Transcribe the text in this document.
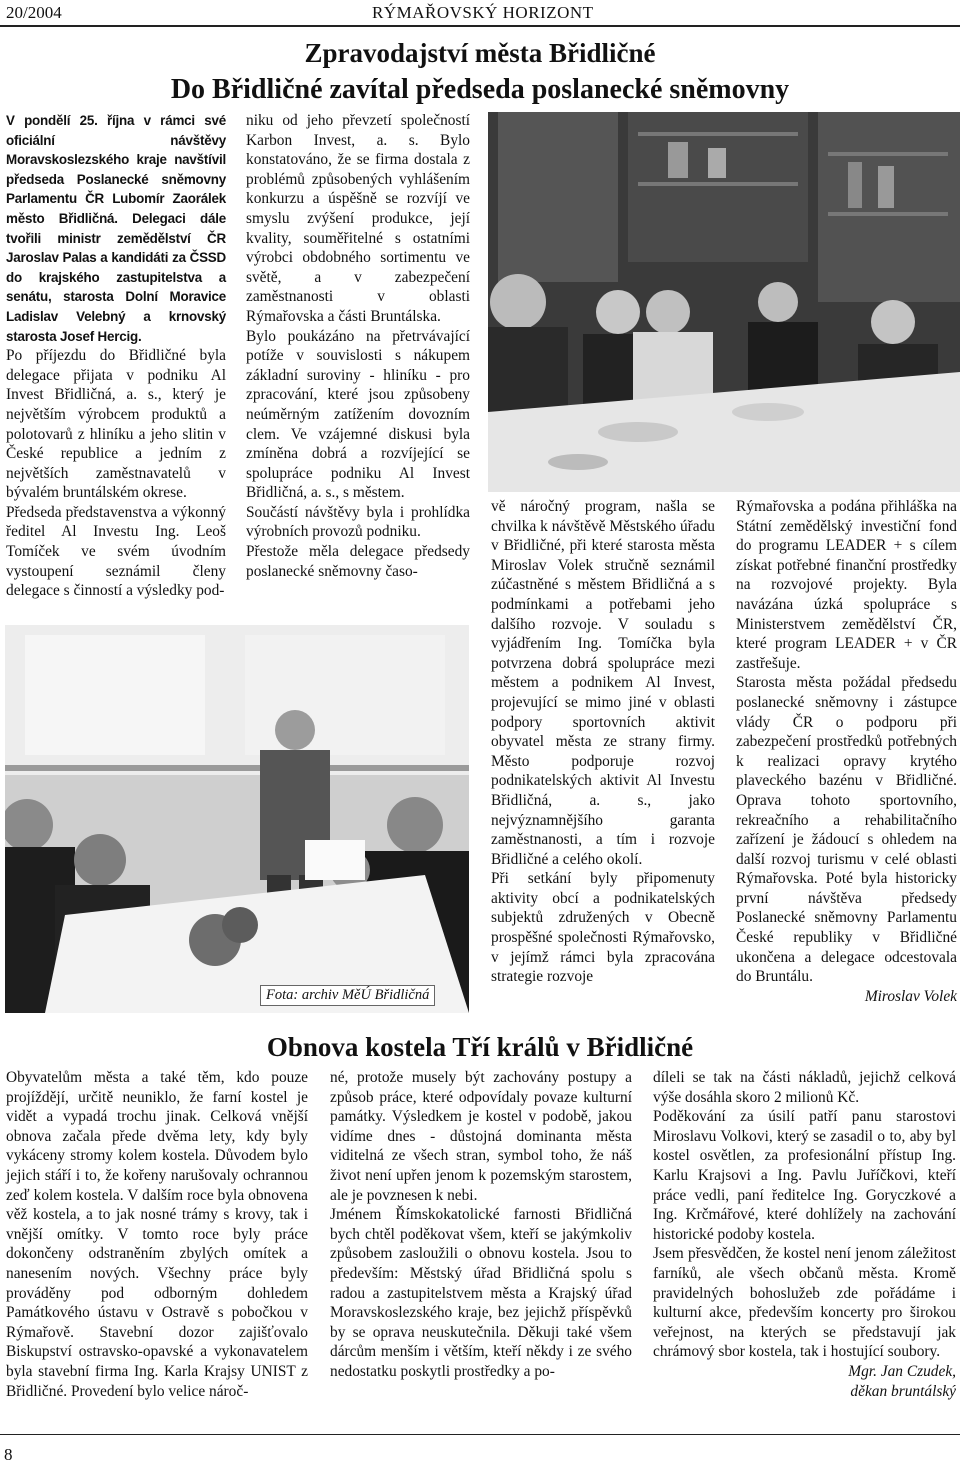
20/2004	RÝMAŘOVSKÝ HORIZONT
Zpravodajství města Břidličné
Do Břidličné zavítal předseda poslanecké sněmovny

V pondělí 25. října v rámci své oficiální návštěvy Moravskoslezského kraje navštívil předseda Poslanecké sněmovny Parlamentu ČR Lubomír Zaorálek město Břidličná. Delegaci dále tvořili ministr zemědělství ČR Jaroslav Palas a kandidáti za ČSSD do krajského zastupitelstva a senátu, starosta Dolní Moravice Ladislav Velebný a krnovský starosta Josef Hercig.

Po příjezdu do Břidličné byla delegace přijata v podniku Al Invest Břidličná, a. s., který je největším výrobcem produktů a polotovarů z hliníku a jeho slitin v České republice a jedním z největších zaměstnavatelů v bývalém bruntálském okrese.

Předseda představenstva a výkonný ředitel Al Investu Ing. Leoš Tomíček ve svém úvodním vystoupení seznámil členy delegace s činností a výsledky pod-

niku od jeho převzetí společností Karbon Invest, a. s. Bylo konstatováno, že se firma dostala z problémů způsobených vyhlášením konkurzu a úspěšně se rozvíjí ve smyslu zvýšení produkce, její kvality, souměřitelné s ostatními výrobci obdobného sortimentu ve světě, a v zabezpečení zaměstnanosti v oblasti Rýmařovska a části Bruntálska.

Bylo poukázáno na přetrvávající potíže v souvislosti s nákupem základní suroviny - hliníku - pro zpracování, které jsou způsobeny neúměrným zatížením dovozním clem. Ve vzájemné diskusi byla zmíněna dobrá a rozvíjející se spolupráce podniku Al Invest Břidličná, a. s., s městem.

Součástí návštěvy byla i prohlídka výrobních provozů podniku.

Přestože měla delegace předsedy poslanecké sněmovny časo-

vě náročný program, našla se chvilka k návštěvě Městského úřadu v Břidličné, při které starosta města Miroslav Volek stručně seznámil zúčastněné s městem Břidličná a s podmínkami a potřebami jeho dalšího rozvoje. V souladu s vyjádřením Ing. Tomíčka byla potvrzena dobrá spolupráce mezi městem a podnikem Al Invest, projevující se mimo jiné v oblasti podpory sportovních aktivit obyvatel města ze strany firmy. Město podporuje rozvoj podnikatelských aktivit Al Investu Břidličná, a. s., jako nejvýznamnějšího garanta zaměstnanosti, a tím i rozvoje Břidličné a celého okolí.

Při setkání byly připomenuty aktivity obcí a podnikatelských subjektů združených v Obecně prospěšné společnosti Rýmařovsko, v jejímž rámci byla zpracována strategie rozvoje

Rýmařovska a podána přihláška na Státní zemědělský investiční fond do programu LEADER + s cílem získat potřebné finanční prostředky na rozvojové projekty. Byla navázána úzká spolupráce s Ministerstvem zemědělství ČR, které program LEADER + v ČR zastřešuje.

Starosta města požádal předsedu poslanecké sněmovny i zástupce vlády ČR o podporu při zabezpečení prostředků potřebných k realizaci opravy krytého plaveckého bazénu v Břidličné. Oprava tohoto sportovního, rekreačního a rehabilitačního zařízení je žádoucí s ohledem na další rozvoj turismu v celé oblasti Rýmařovska. Poté byla historicky první návštěva předsedy Poslanecké sněmovny Parlamentu České republiky v Břidličné ukončena a delegace odcestovala do Bruntálu.

Miroslav Volek

Fota: archiv MěÚ Břidličná
Obnova kostela Tří králů v Břidličné

Obyvatelům města a také těm, kdo pouze projíždějí, určitě neuniklo, že farní kostel je vidět a vypadá trochu jinak. Celková vnější obnova začala přede dvěma lety, kdy byly vykáceny stromy kolem kostela. Důvodem bylo jejich stáří i to, že kořeny narušovaly ochrannou zeď kolem kostela. V dalším roce byla obnovena věž kostela, a to jak nosné trámy s krovy, tak i vnější omítky. V tomto roce byly práce dokončeny odstraněním zbylých omítek a nanesením nových. Všechny práce byly prováděny pod odborným dohledem Památkového ústavu v Ostravě s pobočkou v Rýmařově. Stavební dozor zajišťovalo Biskupství ostravsko-opavské a vykonavatelem byla stavební firma Ing. Karla Krajsy UNIST z Břidličné. Provedení bylo velice nároč-

né, protože musely být zachovány postupy a způsob práce, které odpovídaly povaze kulturní památky. Výsledkem je kostel v podobě, jakou vidíme dnes - důstojná dominanta města viditelná ze všech stran, symbol toho, že náš život není upřen jenom k pozemským starostem, ale je povznesen k nebi.

Jménem Římskokatolické farnosti Břidličná bych chtěl poděkovat všem, kteří se jakýmkoliv způsobem zasloužili o obnovu kostela. Jsou to především: Městský úřad Břidličná spolu s radou a zastupitelstvem města a Krajský úřad Moravskoslezského kraje, bez jejichž příspěvků by se oprava neuskutečnila. Děkuji také všem dárcům menším i větším, kteří někdy i ze svého nedostatku poskytli prostředky a po-

díleli se tak na části nákladů, jejichž celková výše dosáhla skoro 2 milionů Kč.

Poděkování za úsilí patří panu starostovi Miroslavu Volkovi, který se zasadil o to, aby byl kostel osvětlen, za profesionální přístup Ing. Karlu Krajsovi a Ing. Pavlu Juříčkovi, kteří práce vedli, paní ředitelce Ing. Goryczkové a Ing. Krčmářové, které dohlížely na zachování historické podoby kostela.

Jsem přesvědčen, že kostel není jenom záležitost farníků, ale všech občanů města. Kromě pravidelných bohoslužeb zde pořádáme i kulturní akce, především koncerty pro širokou veřejnost, na kterých se představují jak chrámový sbor kostela, tak i hostující soubory.

Mgr. Jan Czudek,

děkan bruntálský

8
